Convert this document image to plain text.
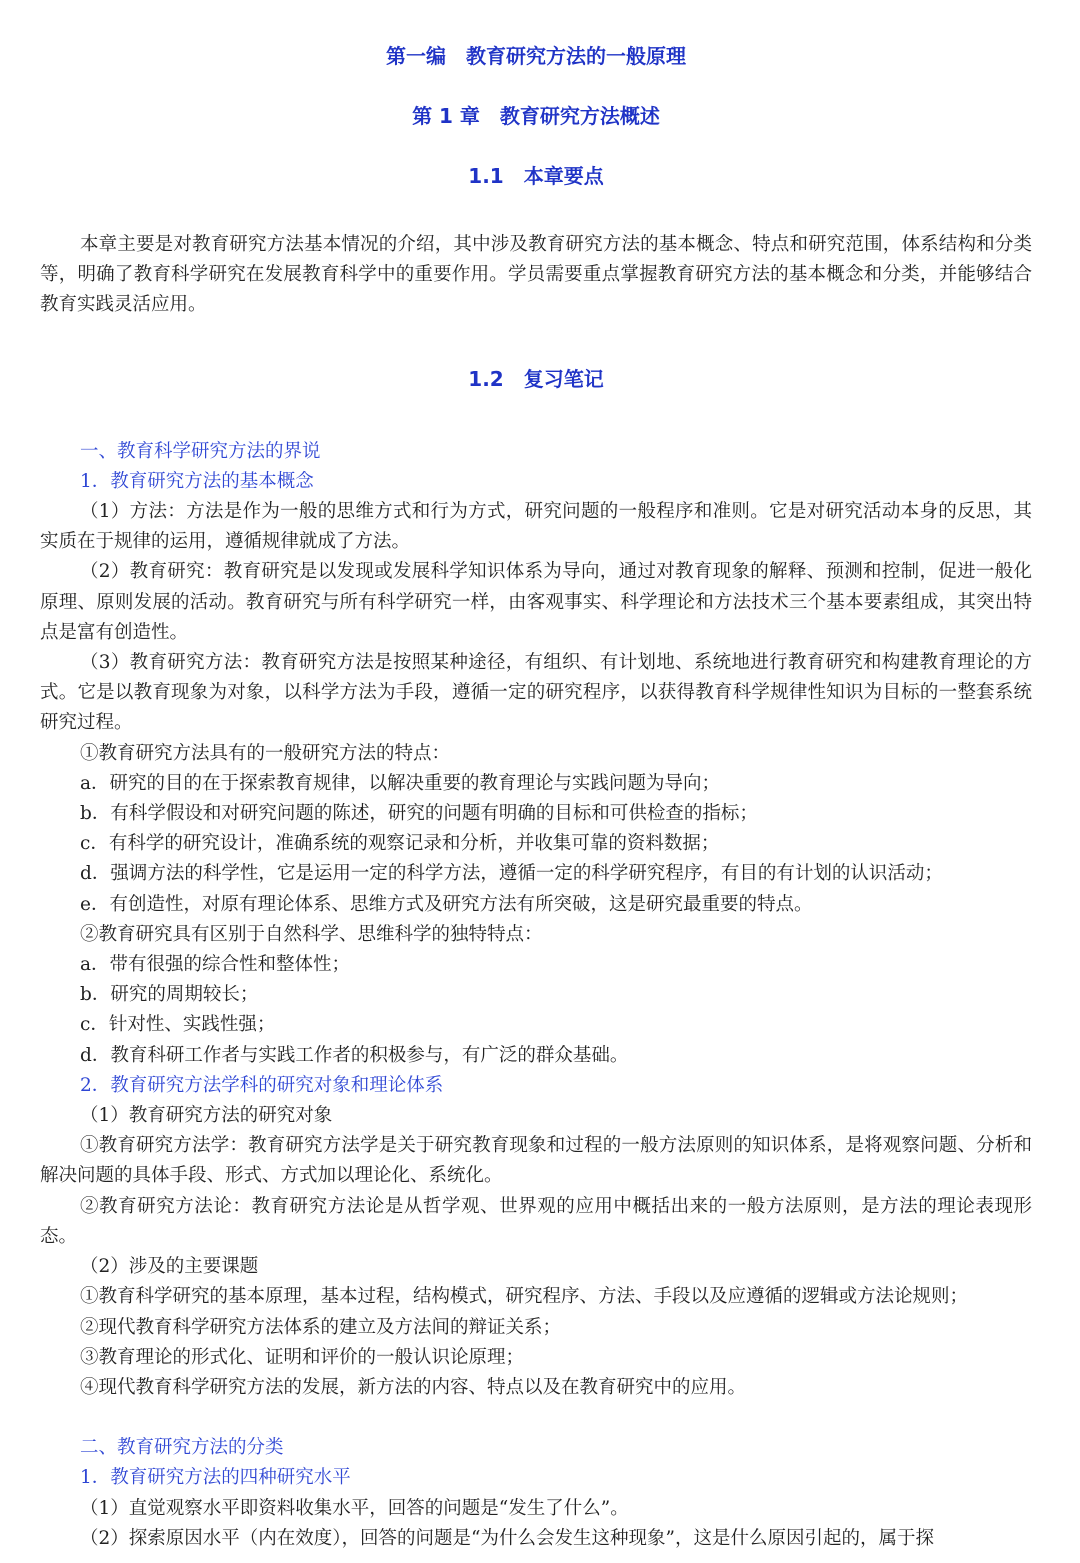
第一编　教育研究方法的一般原理
第 1 章　教育研究方法概述
1.1　本章要点

本章主要是对教育研究方法基本情况的介绍，其中涉及教育研究方法的基本概念、特点和研究范围，体系结构和分类等，明确了教育科学研究在发展教育科学中的重要作用。学员需要重点掌握教育研究方法的基本概念和分类，并能够结合教育实践灵活应用。

1.2　复习笔记

一、教育科学研究方法的界说

1．教育研究方法的基本概念

（1）方法：方法是作为一般的思维方式和行为方式，研究问题的一般程序和准则。它是对研究活动本身的反思，其实质在于规律的运用，遵循规律就成了方法。

（2）教育研究：教育研究是以发现或发展科学知识体系为导向，通过对教育现象的解释、预测和控制，促进一般化原理、原则发展的活动。教育研究与所有科学研究一样，由客观事实、科学理论和方法技术三个基本要素组成，其突出特点是富有创造性。

（3）教育研究方法：教育研究方法是按照某种途径，有组织、有计划地、系统地进行教育研究和构建教育理论的方式。它是以教育现象为对象，以科学方法为手段，遵循一定的研究程序，以获得教育科学规律性知识为目标的一整套系统研究过程。

①教育研究方法具有的一般研究方法的特点：

a．研究的目的在于探索教育规律，以解决重要的教育理论与实践问题为导向；

b．有科学假设和对研究问题的陈述，研究的问题有明确的目标和可供检查的指标；

c．有科学的研究设计，准确系统的观察记录和分析，并收集可靠的资料数据；

d．强调方法的科学性，它是运用一定的科学方法，遵循一定的科学研究程序，有目的有计划的认识活动；

e．有创造性，对原有理论体系、思维方式及研究方法有所突破，这是研究最重要的特点。

②教育研究具有区别于自然科学、思维科学的独特特点：

a．带有很强的综合性和整体性；

b．研究的周期较长；

c．针对性、实践性强；

d．教育科研工作者与实践工作者的积极参与，有广泛的群众基础。

2．教育研究方法学科的研究对象和理论体系

（1）教育研究方法的研究对象

①教育研究方法学：教育研究方法学是关于研究教育现象和过程的一般方法原则的知识体系，是将观察问题、分析和解决问题的具体手段、形式、方式加以理论化、系统化。

②教育研究方法论：教育研究方法论是从哲学观、世界观的应用中概括出来的一般方法原则，是方法的理论表现形态。

（2）涉及的主要课题

①教育科学研究的基本原理，基本过程，结构模式，研究程序、方法、手段以及应遵循的逻辑或方法论规则；

②现代教育科学研究方法体系的建立及方法间的辩证关系；

③教育理论的形式化、证明和评价的一般认识论原理；

④现代教育科学研究方法的发展，新方法的内容、特点以及在教育研究中的应用。

二、教育研究方法的分类

1．教育研究方法的四种研究水平

（1）直觉观察水平即资料收集水平，回答的问题是“发生了什么”。

（2）探索原因水平（内在效度），回答的问题是“为什么会发生这种现象”，这是什么原因引起的，属于探
